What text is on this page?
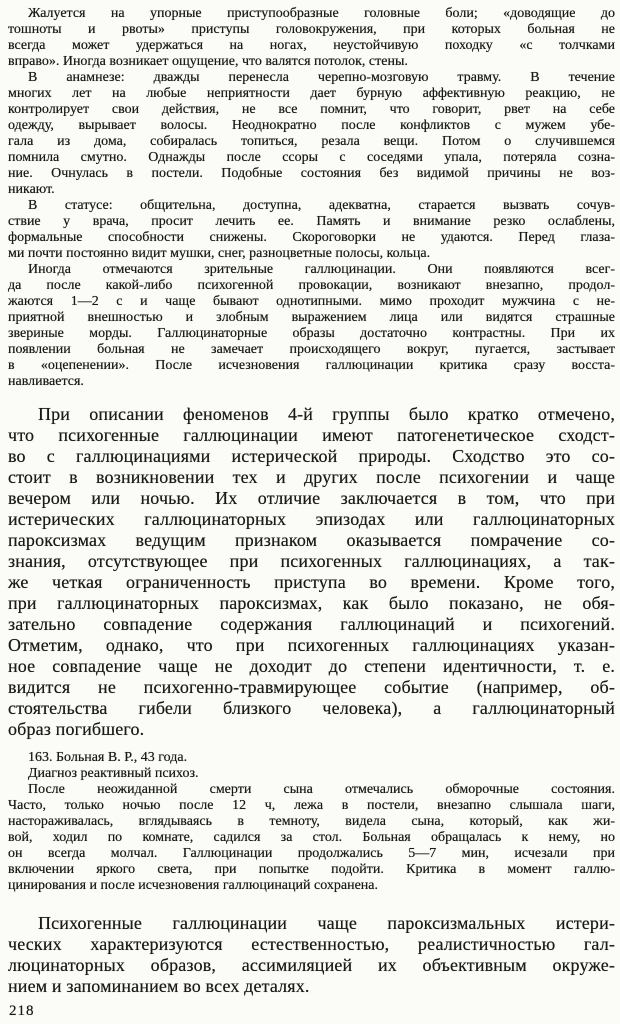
Жалуется на упорные приступообразные головные боли; «доводящие до
тошноты и рвоты» приступы головокружения, при которых больная не
всегда может удержаться на ногах, неустойчивую походку «с толчками
вправо». Иногда возникает ощущение, что валятся потолок, стены.

В анамнезе: дважды перенесла черепно-мозговую травму. В течение
многих лет на любые неприятности дает бурную аффективную реакцию, не
контролирует свои действия, не все помнит, что говорит, рвет на себе
одежду, вырывает волосы. Неоднократно после конфликтов с мужем убе-
гала из дома, собиралась топиться, резала вещи. Потом о случившемся
помнила смутно. Однажды после ссоры с соседями упала, потеряла созна-
ние. Очнулась в постели. Подобные состояния без видимой причины не воз-
никают.

В статусе: общительна, доступна, адекватна, старается вызвать сочув-
ствие у врача, просит лечить ее. Память и внимание резко ослаблены,
формальные способности снижены. Скороговорки не удаются. Перед глаза-
ми почти постоянно видит мушки, снег, разноцветные полосы, кольца.

Иногда отмечаются зрительные галлюцинации. Они появляются всег-
да после какой-либо психогенной провокации, возникают внезапно, продол-
жаются 1—2 с и чаще бывают однотипными. мимо проходит мужчина с не-
приятной внешностью и злобным выражением лица или видятся страшные
звериные морды. Галлюцинаторные образы достаточно контрастны. При их
появлении больная не замечает происходящего вокруг, пугается, застывает
в «оцепенении». После исчезновения галлюцинации критика сразу восста-
навливается.

При описании феноменов 4-й группы было кратко отмечено,
что психогенные галлюцинации имеют патогенетическое сходст-
во с галлюцинациями истерической природы. Сходство это со-
стоит в возникновении тех и других после психогении и чаще
вечером или ночью. Их отличие заключается в том, что при
истерических галлюцинаторных эпизодах или галлюцинаторных
пароксизмах ведущим признаком оказывается помрачение со-
знания, отсутствующее при психогенных галлюцинациях, а так-
же четкая ограниченность приступа во времени. Кроме того,
при галлюцинаторных пароксизмах, как было показано, не обя-
зательно совпадение содержания галлюцинаций и психогений.
Отметим, однако, что при психогенных галлюцинациях указан-
ное совпадение чаще не доходит до степени идентичности, т. е.
видится не психогенно-травмирующее событие (например, об-
стоятельства гибели близкого человека), а галлюцинаторный
образ погибшего.

163. Больная В. Р., 43 года.

Диагноз реактивный психоз.

После неожиданной смерти сына отмечались обморочные состояния.
Часто, только ночью после 12 ч, лежа в постели, внезапно слышала шаги,
настораживалась, вглядываясь в темноту, видела сына, который, как жи-
вой, ходил по комнате, садился за стол. Больная обращалась к нему, но
он всегда молчал. Галлюцинации продолжались 5—7 мин, исчезали при
включении яркого света, при попытке подойти. Критика в момент галлю-
цинирования и после исчезновения галлюцинаций сохранена.

Психогенные галлюцинации чаще пароксизмальных истери-
ческих характеризуются естественностью, реалистичностью гал-
люцинаторных образов, ассимиляцией их объективным окруже-
нием и запоминанием во всех деталях.

218
